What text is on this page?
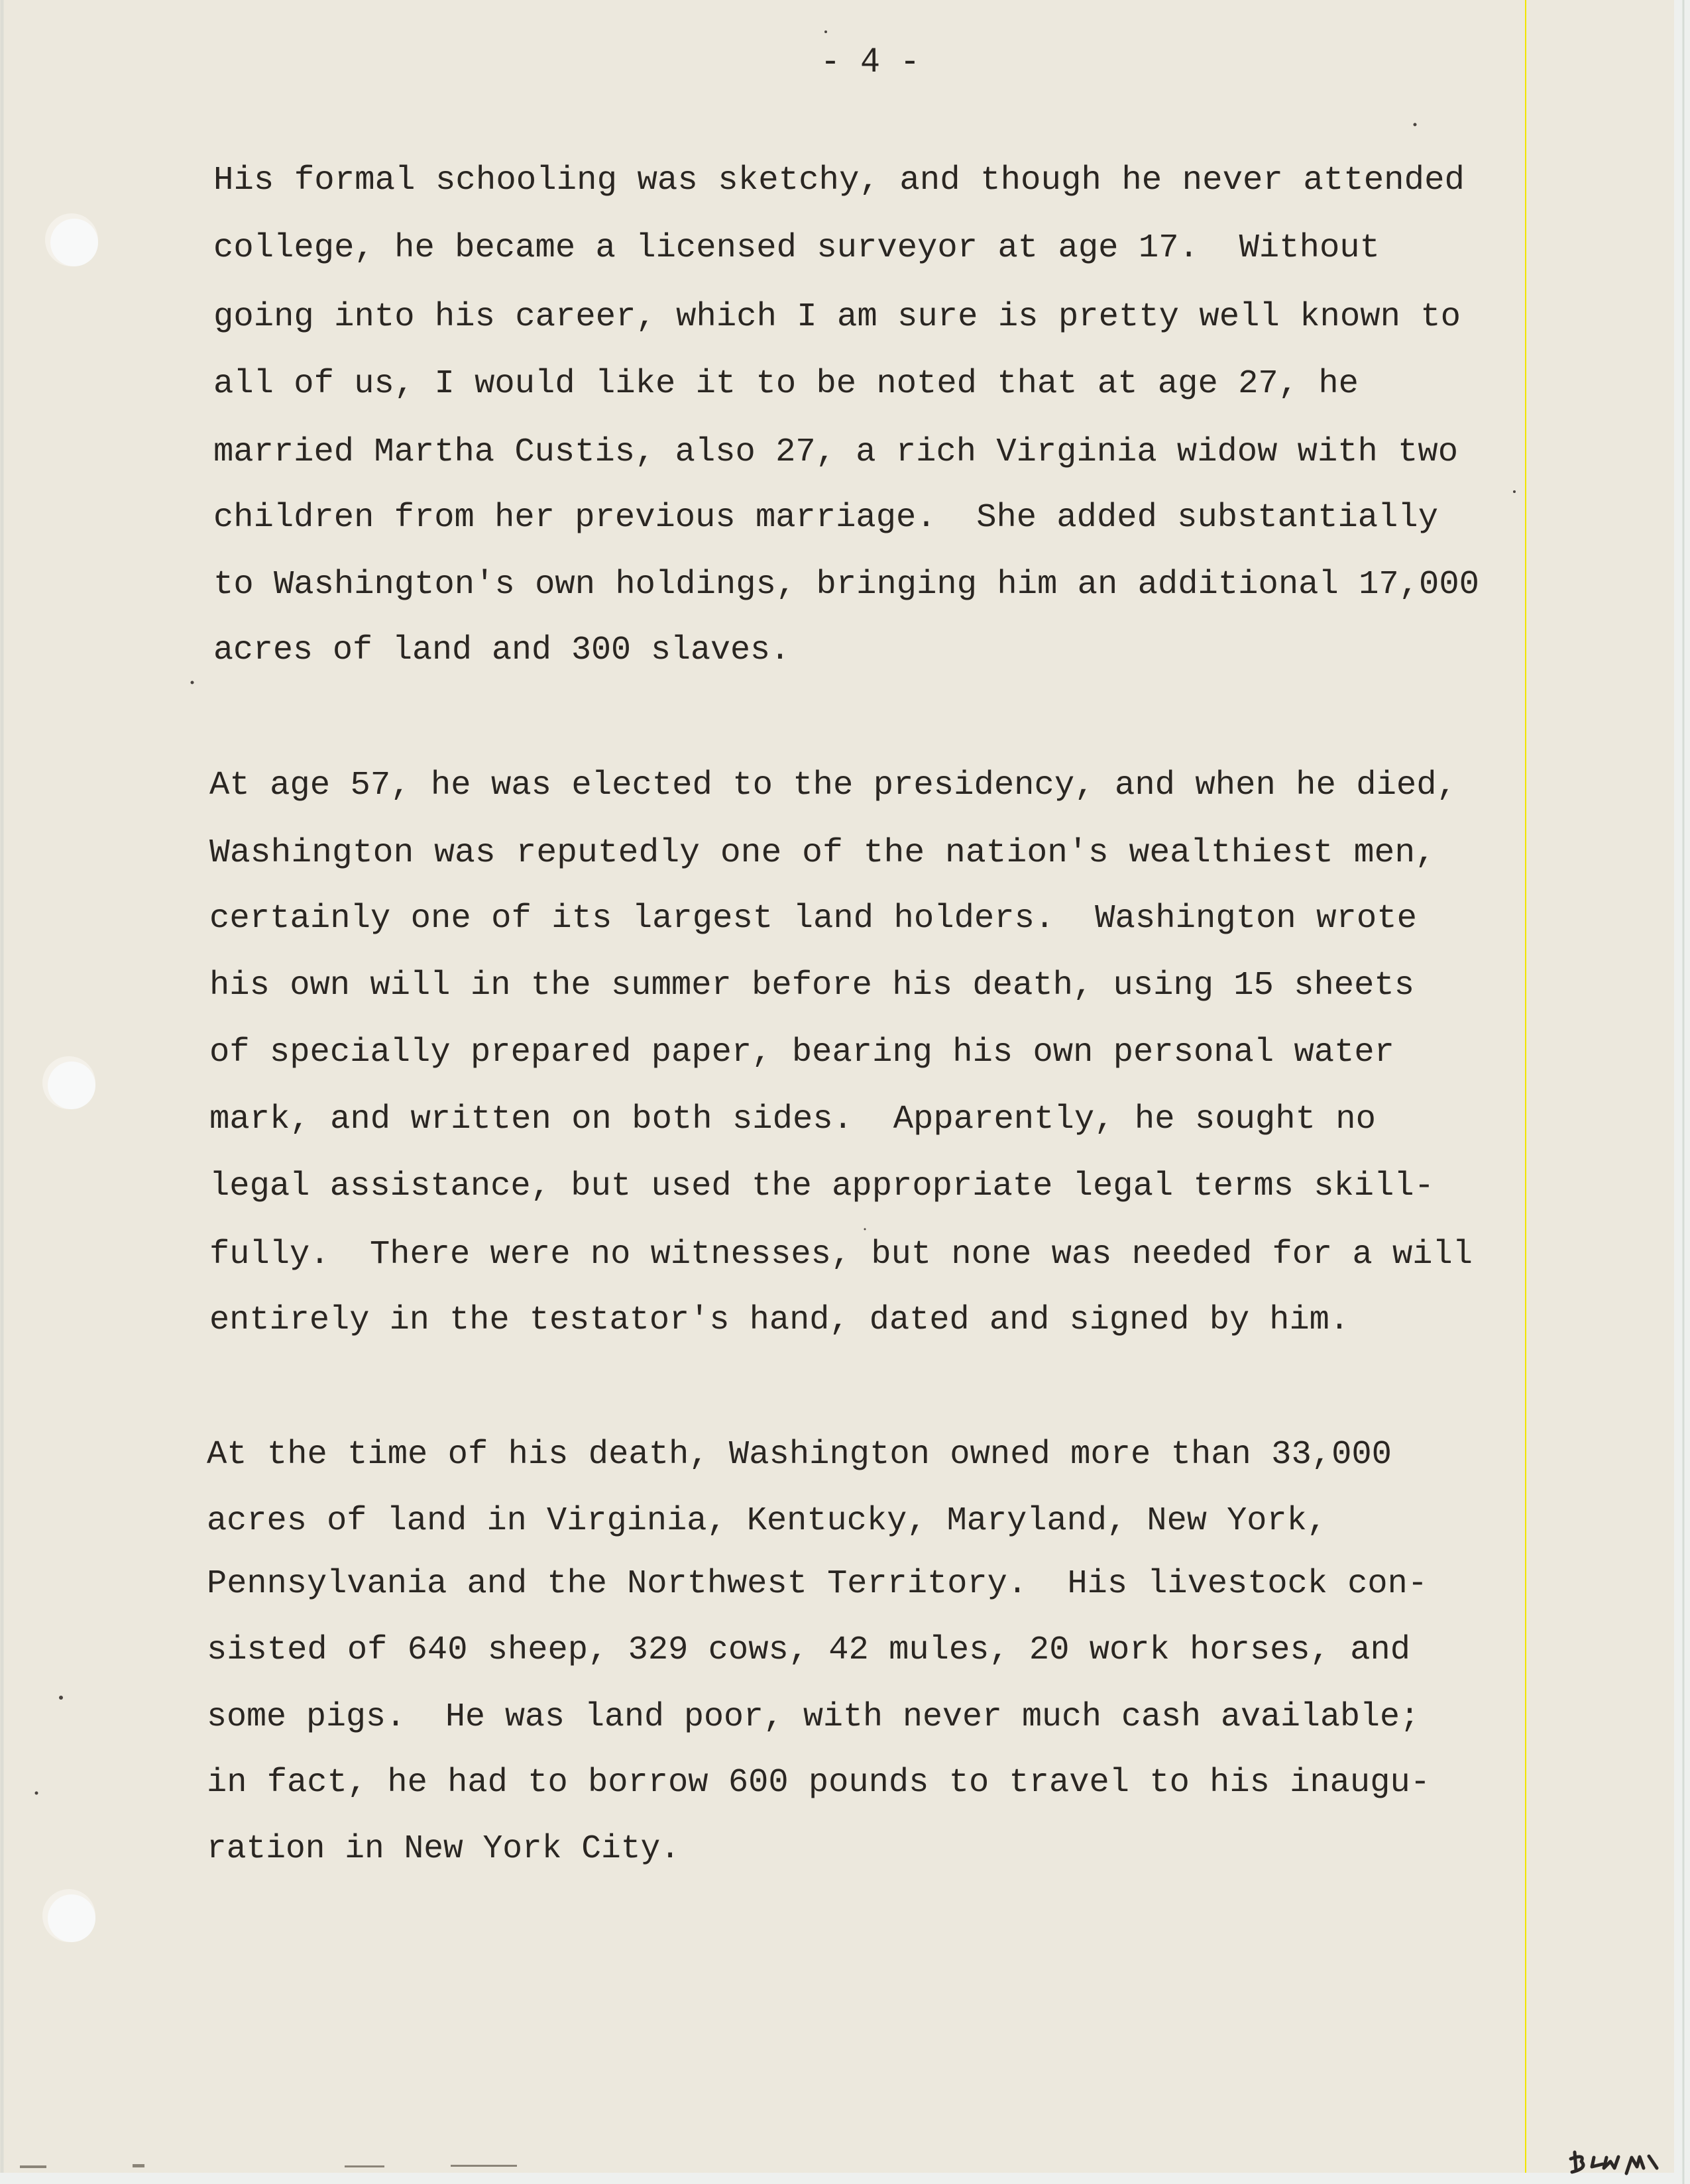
- 4 -
His formal schooling was sketchy, and though he never attended
college, he became a licensed surveyor at age 17.  Without
going into his career, which I am sure is pretty well known to
all of us, I would like it to be noted that at age 27, he
married Martha Custis, also 27, a rich Virginia widow with two
children from her previous marriage.  She added substantially
to Washington's own holdings, bringing him an additional 17,000
acres of land and 300 slaves.
At age 57, he was elected to the presidency, and when he died,
Washington was reputedly one of the nation's wealthiest men,
certainly one of its largest land holders.  Washington wrote
his own will in the summer before his death, using 15 sheets
of specially prepared paper, bearing his own personal water
mark, and written on both sides.  Apparently, he sought no
legal assistance, but used the appropriate legal terms skill-
fully.  There were no witnesses, but none was needed for a will
entirely in the testator's hand, dated and signed by him.
At the time of his death, Washington owned more than 33,000
acres of land in Virginia, Kentucky, Maryland, New York,
Pennsylvania and the Northwest Territory.  His livestock con-
sisted of 640 sheep, 329 cows, 42 mules, 20 work horses, and
some pigs.  He was land poor, with never much cash available;
in fact, he had to borrow 600 pounds to travel to his inaugu-
ration in New York City.
